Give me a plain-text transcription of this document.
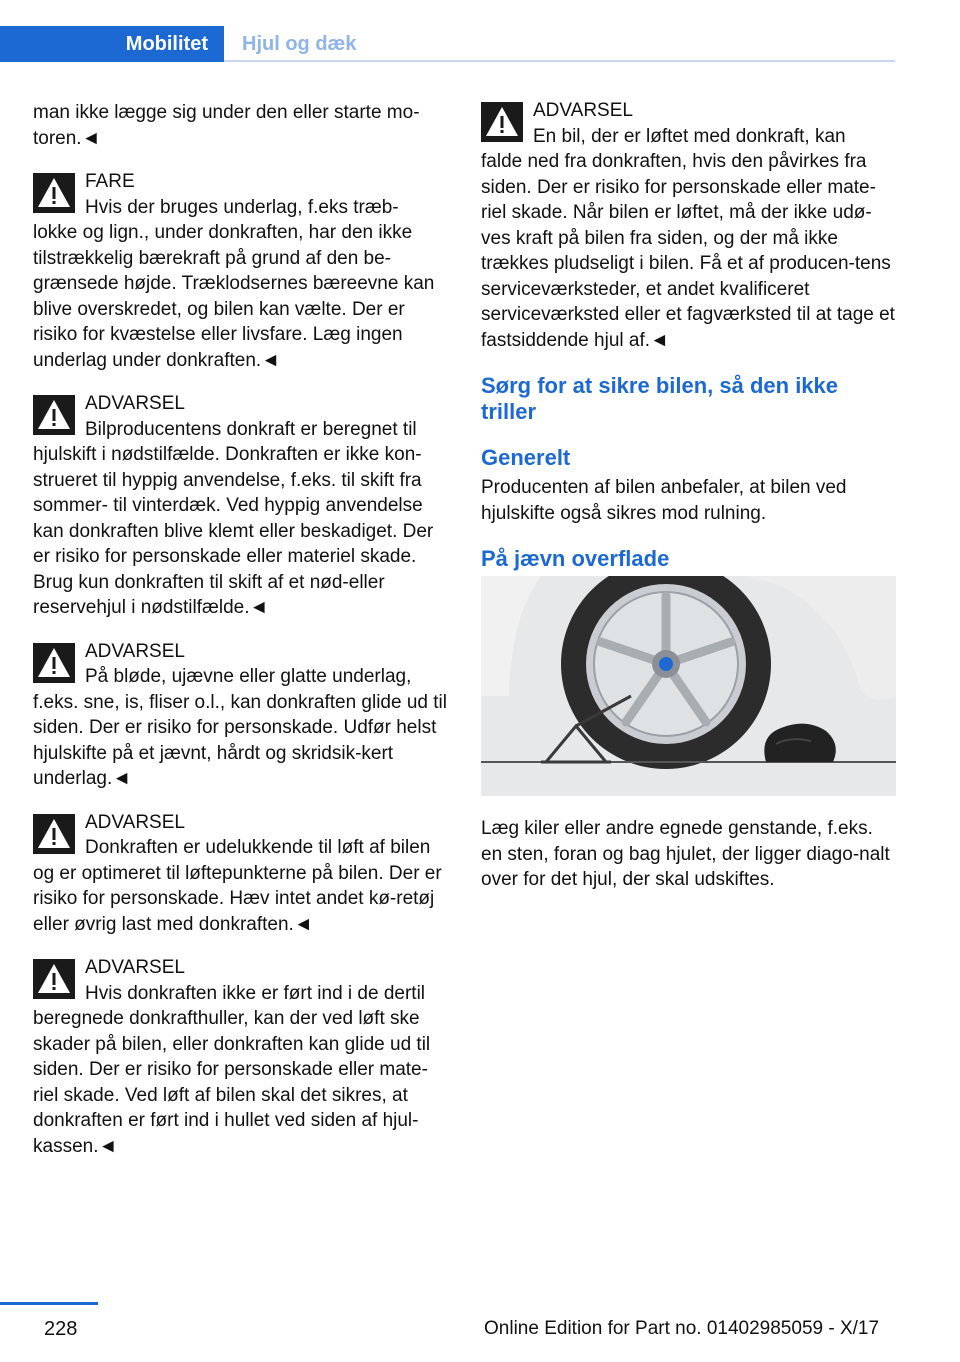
Mobilitet	Hjul og dæk

man ikke lægge sig under den eller starte mo-toren.◄

FARE
Hvis der bruges underlag, f.eks træb-
lokke og lign., under donkraften, har den ikke tilstrækkelig bærekraft på grund af den be-grænsede højde. Træklodsernes bæreevne kan blive overskredet, og bilen kan vælte. Der er risiko for kvæstelse eller livsfare. Læg ingen underlag under donkraften.◄
ADVARSEL
Bilproducentens donkraft er beregnet til
hjulskift i nødstilfælde. Donkraften er ikke kon-strueret til hyppig anvendelse, f.eks. til skift fra sommer- til vinterdæk. Ved hyppig anvendelse kan donkraften blive klemt eller beskadiget. Der er risiko for personskade eller materiel skade. Brug kun donkraften til skift af et nød-eller reservehjul i nødstilfælde.◄
ADVARSEL
På bløde, ujævne eller glatte underlag,
f.eks. sne, is, fliser o.l., kan donkraften glide ud til siden. Der er risiko for personskade. Udfør helst hjulskifte på et jævnt, hårdt og skridsik-kert underlag.◄
ADVARSEL
Donkraften er udelukkende til løft af bilen
og er optimeret til løftepunkterne på bilen. Der er risiko for personskade. Hæv intet andet kø-retøj eller øvrig last med donkraften.◄
ADVARSEL
Hvis donkraften ikke er ført ind i de dertil
beregnede donkrafthuller, kan der ved løft ske skader på bilen, eller donkraften kan glide ud til siden. Der er risiko for personskade eller mate-riel skade. Ved løft af bilen skal det sikres, at donkraften er ført ind i hullet ved siden af hjul-kassen.◄
ADVARSEL
En bil, der er løftet med donkraft, kan
falde ned fra donkraften, hvis den påvirkes fra siden. Der er risiko for personskade eller mate-riel skade. Når bilen er løftet, må der ikke udø-ves kraft på bilen fra siden, og der må ikke trækkes pludseligt i bilen. Få et af producen-tens serviceværksteder, et andet kvalificeret serviceværksted eller et fagværksted til at tage et fastsiddende hjul af.◄
Sørg for at sikre bilen, så den ikke triller
Generelt

Producenten af bilen anbefaler, at bilen ved hjulskifte også sikres mod rulning.

På jævn overflade

Læg kiler eller andre egnede genstande, f.eks. en sten, foran og bag hjulet, der ligger diago-nalt over for det hjul, der skal udskiftes.

228	Online Edition for Part no. 01402985059 - X/17
